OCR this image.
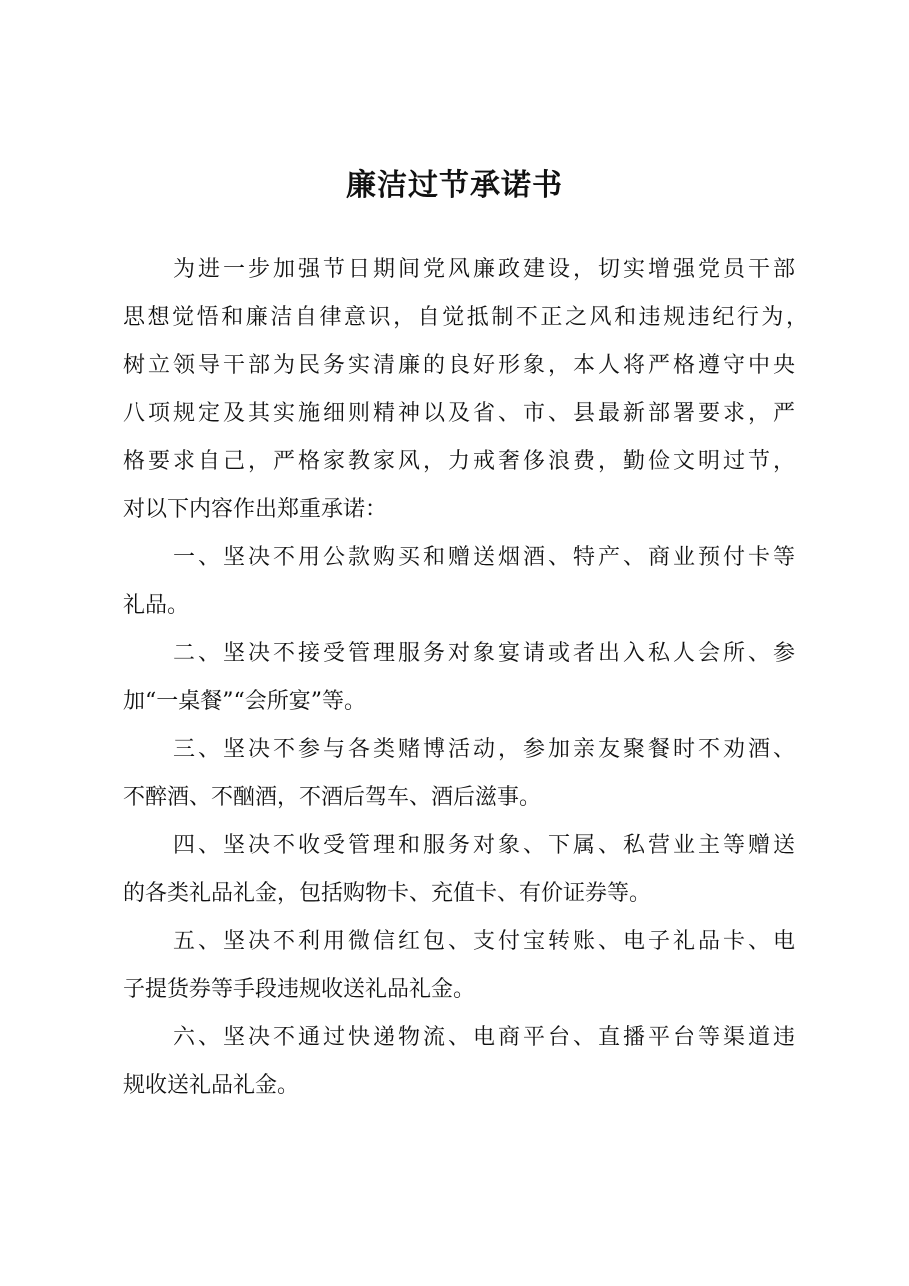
廉洁过节承诺书
为进一步加强节日期间党风廉政建设，切实增强党员干部
思想觉悟和廉洁自律意识，自觉抵制不正之风和违规违纪行为，
树立领导干部为民务实清廉的良好形象，本人将严格遵守中央
八项规定及其实施细则精神以及省、市、县最新部署要求，严
格要求自己，严格家教家风，力戒奢侈浪费，勤俭文明过节，
对以下内容作出郑重承诺：
一、坚决不用公款购买和赠送烟酒、特产、商业预付卡等
礼品。
二、坚决不接受管理服务对象宴请或者出入私人会所、参
加“一桌餐”“会所宴”等。
三、坚决不参与各类赌博活动，参加亲友聚餐时不劝酒、
不醉酒、不酗酒，不酒后驾车、酒后滋事。
四、坚决不收受管理和服务对象、下属、私营业主等赠送
的各类礼品礼金，包括购物卡、充值卡、有价证券等。
五、坚决不利用微信红包、支付宝转账、电子礼品卡、电
子提货券等手段违规收送礼品礼金。
六、坚决不通过快递物流、电商平台、直播平台等渠道违
规收送礼品礼金。
